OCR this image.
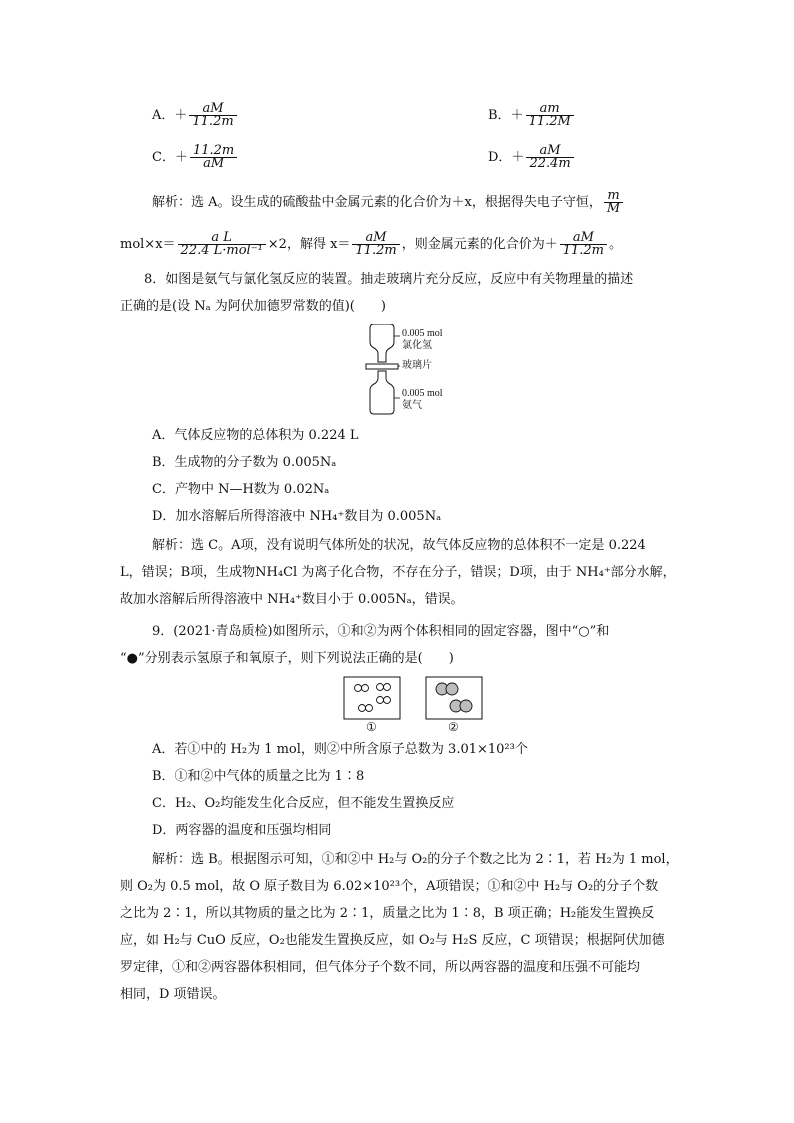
A．＋ $\frac{aM}{11.2m}$	B．＋ $\frac{am}{11.2M}$
C．＋ $\frac{11.2m}{aM}$	D．＋ $\frac{aM}{22.4m}$
解析：选 A。设生成的硫酸盐中金属元素的化合价为＋x，根据得失电子守恒， $\frac{m}{M}$
$mol\times x= \frac{\text{a L}}{\text{22.4 L·mol⁻¹}} \times 2$，解得 $x= \frac{aM}{11.2m}$ ，则金属元素的化合价为＋ $\frac{aM}{11.2m}$ 。
8．如图是氨气与氯化氢反应的装置。抽走玻璃片充分反应，反应中有关物理量的描述
正确的是(设 Nₐ 为阿伏加德罗常数的值)(　　)
0.005 mol
氯化氢
玻璃片
0.005 mol
氨气
A．气体反应物的总体积为 0.224 L
B．生成物的分子数为 0.005Nₐ
C．产物中 N—H数为 0.02Nₐ
D．加水溶解后所得溶液中 NH₄⁺数目为 0.005Nₐ
解析：选 C。A项，没有说明气体所处的状况，故气体反应物的总体积不一定是 0.224
L，错误；B项，生成物NH₄Cl 为离子化合物，不存在分子，错误；D项，由于 NH₄⁺部分水解，
故加水溶解后所得溶液中 NH₄⁺数目小于 0.005Nₐ，错误。
9．(2021·青岛质检)如图所示，①和②为两个体积相同的固定容器，图中“○”和
“●”分别表示氢原子和氧原子，则下列说法正确的是(　　)
①	②
A．若①中的 H₂为 1 mol，则②中所含原子总数为 3.01×10²³个
B．①和②中气体的质量之比为 1∶8
C．H₂、O₂均能发生化合反应，但不能发生置换反应
D．两容器的温度和压强均相同
解析：选 B。根据图示可知，①和②中 H₂与 O₂的分子个数之比为 2∶1，若 H₂为 1 mol，
则 O₂为 0.5 mol，故 O 原子数目为 6.02×10²³个，A项错误；①和②中 H₂与 O₂的分子个数
之比为 2∶1，所以其物质的量之比为 2∶1，质量之比为 1∶8，B 项正确；H₂能发生置换反
应，如 H₂与 CuO 反应，O₂也能发生置换反应，如 O₂与 H₂S 反应，C 项错误；根据阿伏加德
罗定律，①和②两容器体积相同，但气体分子个数不同，所以两容器的温度和压强不可能均
相同，D 项错误。
